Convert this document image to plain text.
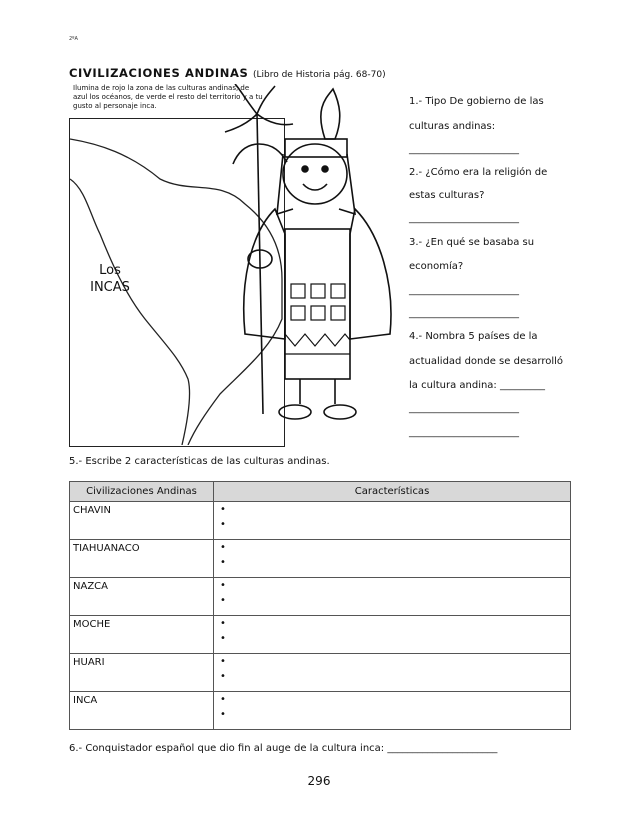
2ºA
CIVILIZACIONES ANDINAS (Libro de Historia pág. 68-70)
Ilumina de rojo la zona de las culturas andinas, de azul los océanos, de verde el resto del territorio y a tu gusto al personaje inca.
Los
INCAS
1.- Tipo De gobierno de las
culturas andinas:
______________________
2.- ¿Cómo era la religión de
estas culturas?
______________________
3.- ¿En qué se basaba su
economía?
______________________
______________________
4.- Nombra 5 países de la
actualidad donde se desarrolló
la cultura andina: _________
______________________
______________________
5.- Escribe 2 características de las culturas andinas.
Civilizaciones Andinas	Características
CHAVIN	•
•

TIAHUANACO	•
•

NAZCA	•
•

MOCHE	•
•

HUARI	•
•

INCA	•
•
6.- Conquistador español que dio fin al auge de la cultura inca: ______________________
296
